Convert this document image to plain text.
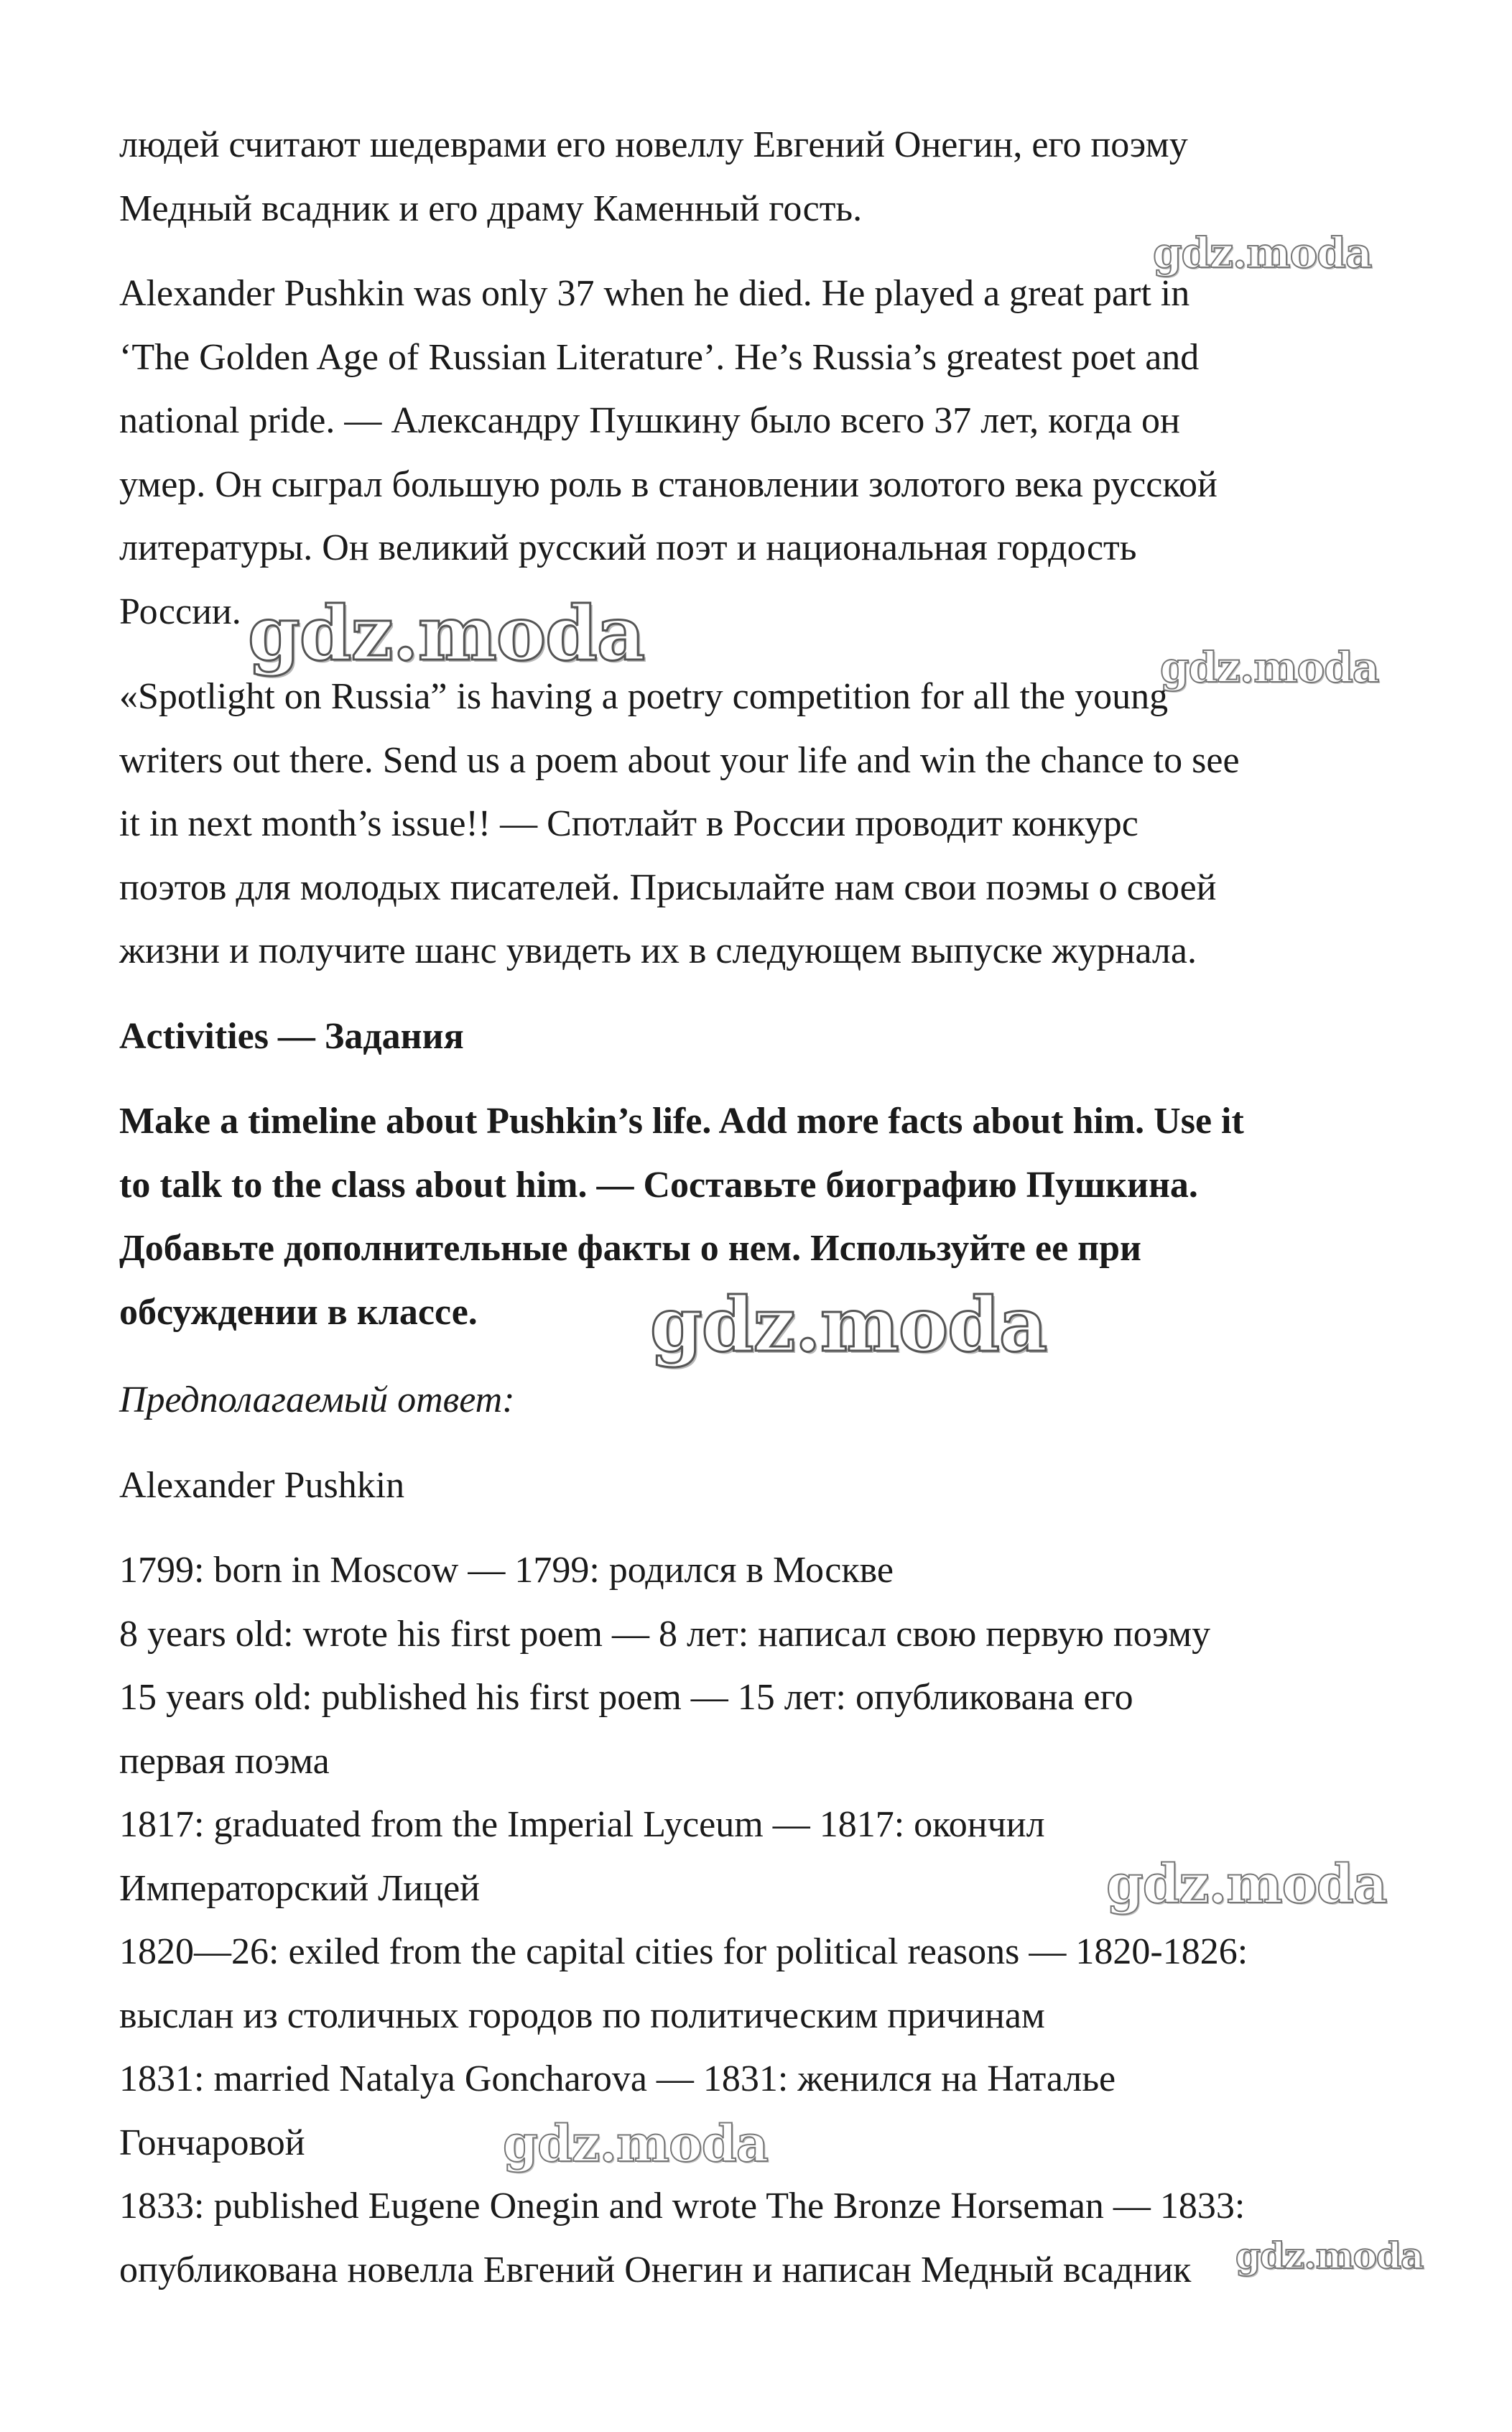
людей считают шедеврами его новеллу Евгений Онегин, его поэму

Медный всадник и его драму Каменный гость.

Alexander Pushkin was only 37 when he died. He played a great part in

‘The Golden Age of Russian Literature’. He’s Russia’s greatest poet and

national pride. — Александру Пушкину было всего 37 лет, когда он

умер. Он сыграл большую роль в становлении золотого века русской

литературы. Он великий русский поэт и национальная гордость

России.

«Spotlight on Russia” is having a poetry competition for all the young

writers out there. Send us a poem about your life and win the chance to see

it in next month’s issue!! — Спотлайт в России проводит конкурс

поэтов для молодых писателей. Присылайте нам свои поэмы о своей

жизни и получите шанс увидеть их в следующем выпуске журнала.

Activities — Задания

Make a timeline about Pushkin’s life. Add more facts about him. Use it

to talk to the class about him. — Составьте биографию Пушкина.

Добавьте дополнительные факты о нем. Используйте ее при

обсуждении в классе.

Предполагаемый ответ:

Alexander Pushkin

1799: born in Moscow — 1799: родился в Москве

8 years old: wrote his first poem — 8 лет: написал свою первую поэму

15 years old: published his first poem — 15 лет: опубликована его

первая поэма

1817: graduated from the Imperial Lyceum — 1817: окончил

Императорский Лицей

1820—26: exiled from the capital cities for political reasons — 1820-1826:

выслан из столичных городов по политическим причинам

1831: married Natalya Goncharova — 1831: женился на Наталье

Гончаровой

1833: published Eugene Onegin and wrote The Bronze Horseman — 1833:

опубликована новелла Евгений Онегин и написан Медный всадник

gdz.moda
gdz.moda	gdz.moda
gdz.moda
gdz.moda
gdz.moda
gdz.moda
